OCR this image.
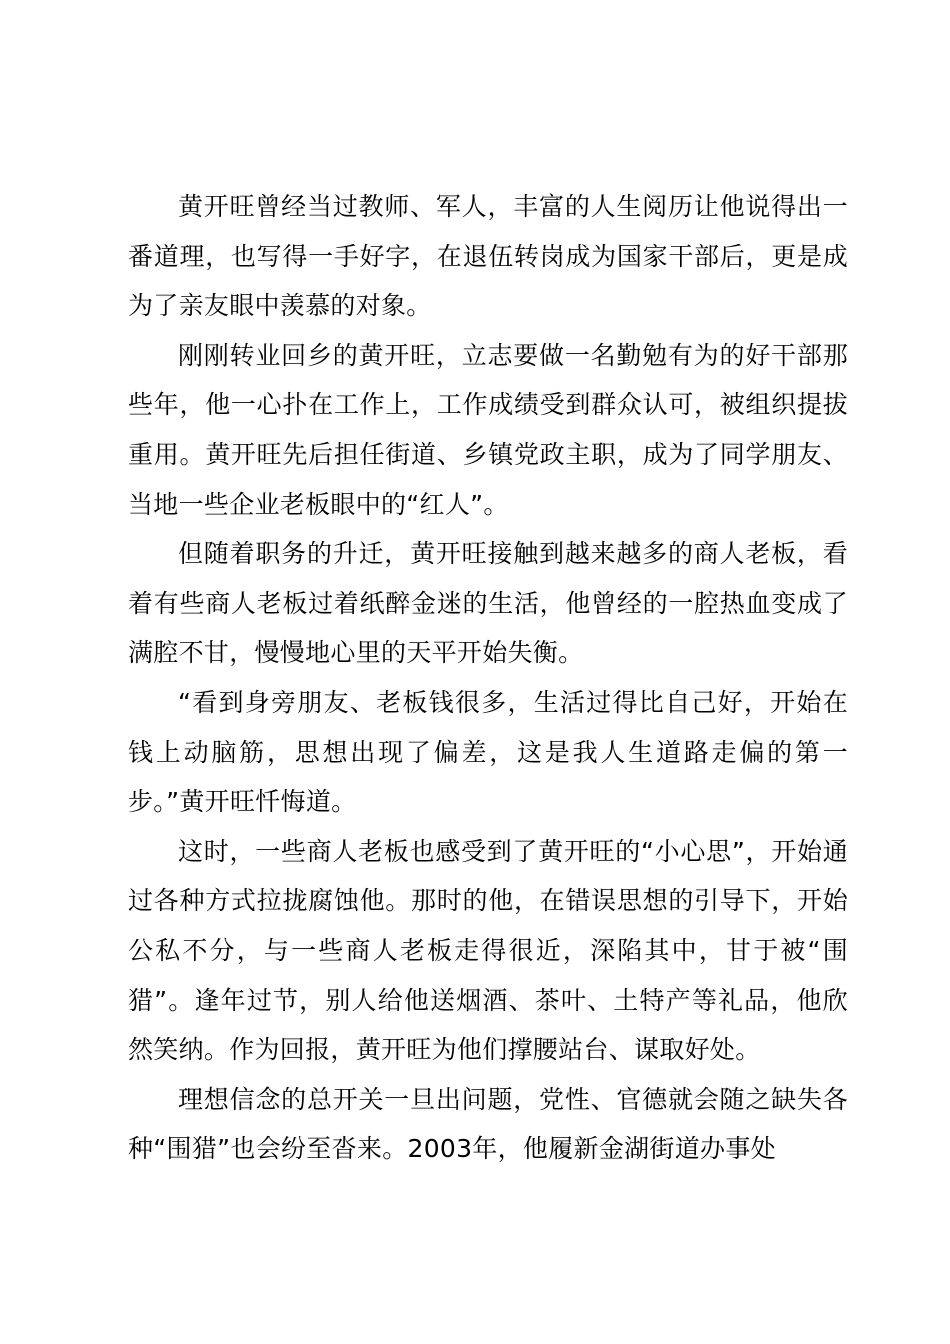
黄开旺曾经当过教师、军人，丰富的人生阅历让他说得出一番道理，也写得一手好字，在退伍转岗成为国家干部后，更是成为了亲友眼中羡慕的对象。

刚刚转业回乡的黄开旺，立志要做一名勤勉有为的好干部那些年，他一心扑在工作上，工作成绩受到群众认可，被组织提拔重用。黄开旺先后担任街道、乡镇党政主职，成为了同学朋友、当地一些企业老板眼中的“红人”。

但随着职务的升迁，黄开旺接触到越来越多的商人老板，看着有些商人老板过着纸醉金迷的生活，他曾经的一腔热血变成了满腔不甘，慢慢地心里的天平开始失衡。

“看到身旁朋友、老板钱很多，生活过得比自己好，开始在钱上动脑筋，思想出现了偏差，这是我人生道路走偏的第一步。”黄开旺忏悔道。

这时，一些商人老板也感受到了黄开旺的“小心思”，开始通过各种方式拉拢腐蚀他。那时的他，在错误思想的引导下，开始公私不分，与一些商人老板走得很近，深陷其中，甘于被“围猎”。逢年过节，别人给他送烟酒、茶叶、土特产等礼品，他欣然笑纳。作为回报，黄开旺为他们撑腰站台、谋取好处。

理想信念的总开关一旦出问题，党性、官德就会随之缺失各种“围猎”也会纷至沓来。2003年，他履新金湖街道办事处
